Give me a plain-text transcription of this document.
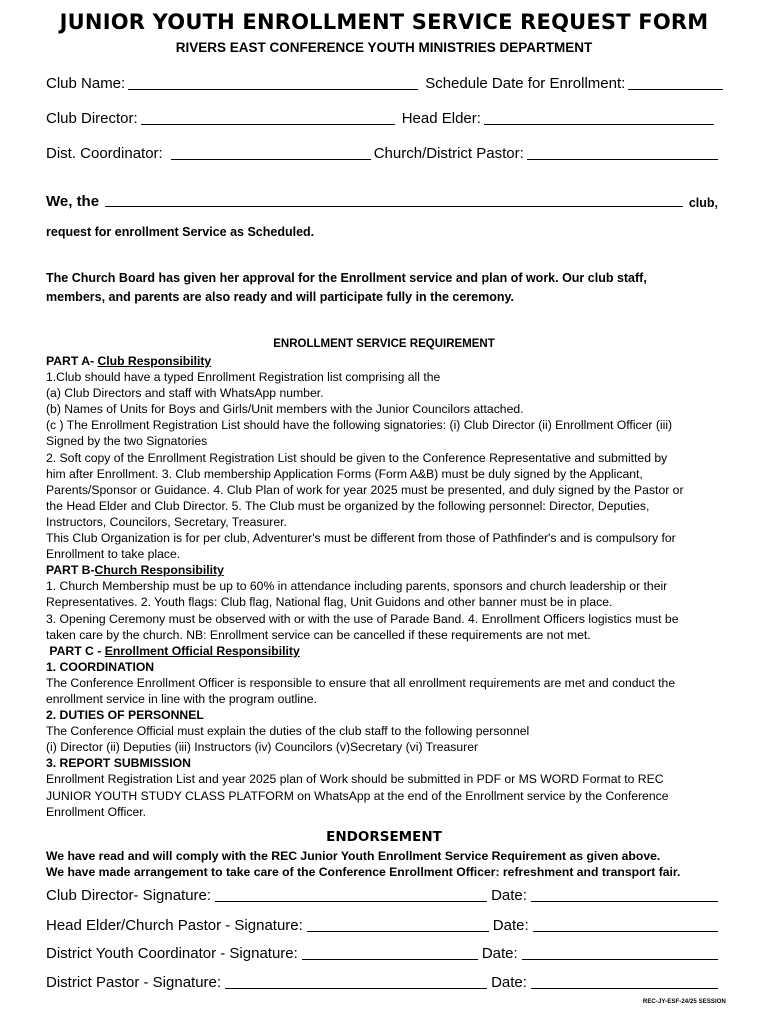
JUNIOR YOUTH ENROLLMENT SERVICE REQUEST FORM
RIVERS EAST CONFERENCE YOUTH MINISTRIES DEPARTMENT
Club Name:	Schedule Date for Enrollment:
Club Director:	Head Elder:
Dist. Coordinator:	Church/District Pastor:
We, the	club,
request for enrollment Service as Scheduled.
The Church Board has given her approval for the Enrollment service and plan of work. Our club staff,
members, and parents are also ready and will participate fully in the ceremony.
ENROLLMENT SERVICE REQUIREMENT
PART A- Club Responsibility
1.Club should have a typed Enrollment Registration list comprising all the
(a) Club Directors and staff with WhatsApp number.
(b) Names of Units for Boys and Girls/Unit members with the Junior Councilors attached.
(c ) The Enrollment Registration List should have the following signatories: (i) Club Director (ii) Enrollment Officer (iii)
Signed by the two Signatories
2. Soft copy of the Enrollment Registration List should be given to the Conference Representative and submitted by
him after Enrollment. 3. Club membership Application Forms (Form A&B) must be duly signed by the Applicant,
Parents/Sponsor or Guidance. 4. Club Plan of work for year 2025 must be presented, and duly signed by the Pastor or
the Head Elder and Club Director. 5. The Club must be organized by the following personnel: Director, Deputies,
Instructors, Councilors, Secretary, Treasurer.
This Club Organization is for per club, Adventurer's must be different from those of Pathfinder's and is compulsory for
Enrollment to take place.
PART B-Church Responsibility
1. Church Membership must be up to 60% in attendance including parents, sponsors and church leadership or their
Representatives. 2. Youth flags: Club flag, National flag, Unit Guidons and other banner must be in place.
3. Opening Ceremony must be observed with or with the use of Parade Band. 4. Enrollment Officers logistics must be
taken care by the church. NB: Enrollment service can be cancelled if these requirements are not met.
PART C - Enrollment Official Responsibility
1. COORDINATION
The Conference Enrollment Officer is responsible to ensure that all enrollment requirements are met and conduct the
enrollment service in line with the program outline.
2. DUTIES OF PERSONNEL
The Conference Official must explain the duties of the club staff to the following personnel
(i) Director (ii) Deputies (iii) Instructors (iv) Councilors (v)Secretary (vi) Treasurer
3. REPORT SUBMISSION
Enrollment Registration List and year 2025 plan of Work should be submitted in PDF or MS WORD Format to REC
JUNIOR YOUTH STUDY CLASS PLATFORM on WhatsApp at the end of the Enrollment service by the Conference
Enrollment Officer.
ENDORSEMENT
We have read and will comply with the REC Junior Youth Enrollment Service Requirement as given above.
We have made arrangement to take care of the Conference Enrollment Officer: refreshment and transport fair.
Club Director- Signature:	Date:
Head Elder/Church Pastor - Signature:	Date:
District Youth Coordinator - Signature:	Date:
District Pastor - Signature:	Date:
REC-JY-ESF-24/25 SESSION
